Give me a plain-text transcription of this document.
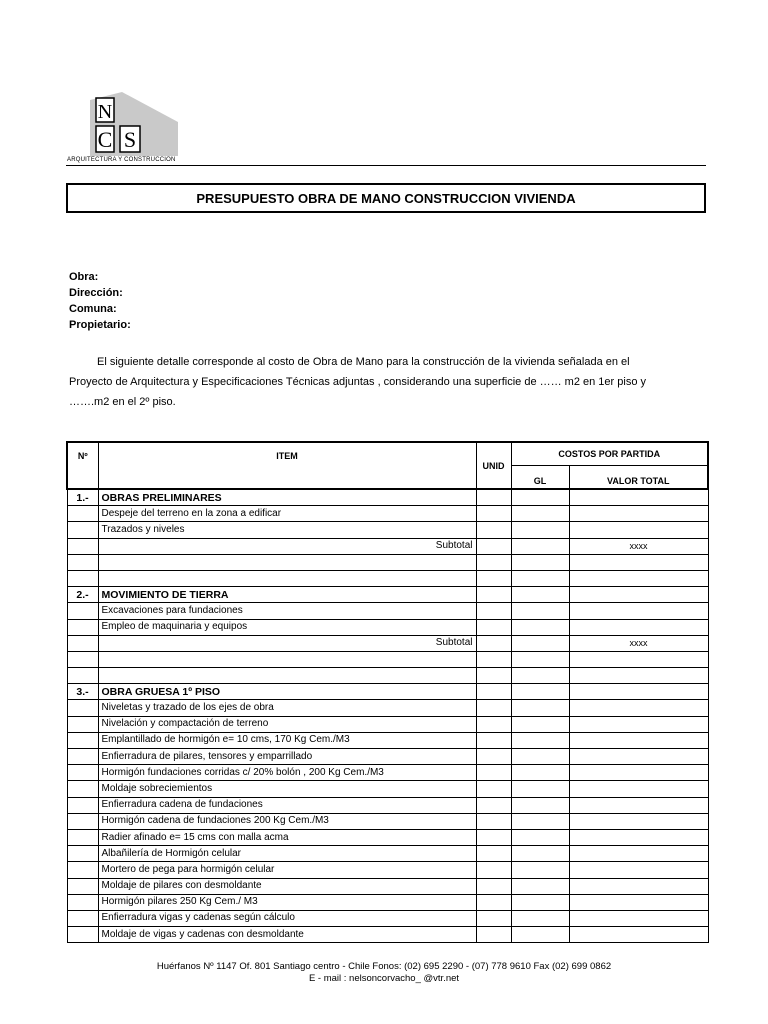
N
C S
ARQUITECTURA Y CONSTRUCCION
PRESUPUESTO OBRA DE MANO CONSTRUCCION VIVIENDA
Obra:
Dirección:
Comuna:
Propietario:
El siguiente detalle corresponde al costo de Obra de Mano para la construcción de la vivienda señalada en el
Proyecto de Arquitectura y Especificaciones Técnicas adjuntas , considerando una superficie de …… m2 en 1er piso y
…….m2 en el 2º piso.
Nº	ITEM	UNID	COSTOS POR PARTIDA	
			GL	VALOR TOTAL
1.-	OBRAS PRELIMINARES			
	Despeje del terreno en la zona a edificar			
	Trazados y niveles			
	Subtotal			xxxx

2.-	MOVIMIENTO DE TIERRA			
	Excavaciones para fundaciones			
	Empleo de maquinaria y equipos			
	Subtotal			xxxx

3.-	OBRA GRUESA 1º PISO			
	Niveletas y trazado de los ejes de obra			
	Nivelación y compactación de terreno			
	Emplantillado de hormigón e= 10 cms, 170 Kg Cem./M3			
	Enfierradura de pilares, tensores y emparrillado			
	Hormigón fundaciones corridas c/ 20% bolón , 200 Kg Cem./M3			
	Moldaje sobreciemientos			
	Enfierradura cadena de fundaciones			
	Hormigón cadena de fundaciones 200 Kg Cem./M3			
	Radier afinado e= 15 cms con malla acma			
	Albañilería de Hormigón celular			
	Mortero de pega para hormigón celular			
	Moldaje de pilares con desmoldante			
	Hormigón pilares 250 Kg Cem./ M3			
	Enfierradura vigas y cadenas según cálculo			
	Moldaje de vigas y cadenas con desmoldante			
Huérfanos Nº 1147 Of. 801 Santiago centro - Chile Fonos: (02) 695 2290 - (07) 778 9610 Fax (02) 699 0862
E - mail : nelsoncorvacho_ @vtr.net
